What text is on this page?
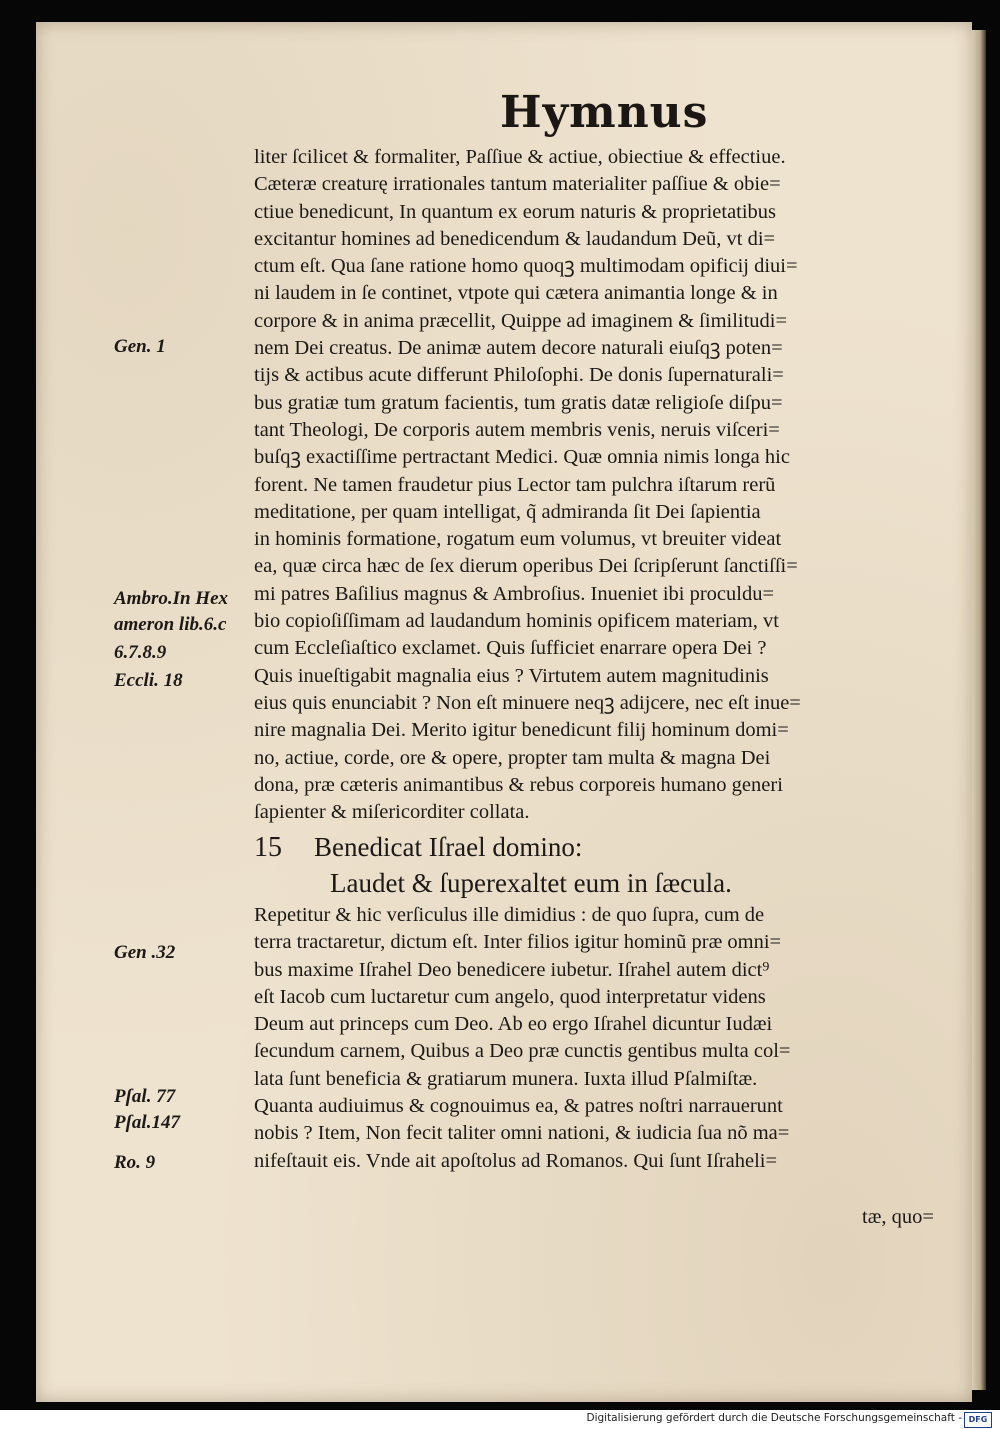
Hymnus
liter ſcilicet & formaliter, Paſſiue & actiue, obiectiue & effectiue.
Cæteræ creaturę irrationales tantum materialiter paſſiue & obie=
ctiue benedicunt, In quantum ex eorum naturis & proprietatibus
excitantur homines ad benedicendum & laudandum Deũ, vt di=
ctum eſt. Qua ſane ratione homo quoqꝫ multimodam opificij diui=
ni laudem in ſe continet, vtpote qui cætera animantia longe & in
corpore & in anima præcellit, Quippe ad imaginem & ſimilitudi=
nem Dei creatus. De animæ autem decore naturali eiuſqꝫ poten=
tijs & actibus acute differunt Philoſophi. De donis ſupernaturali=
bus gratiæ tum gratum facientis, tum gratis datæ religioſe diſpu=
tant Theologi, De corporis autem membris venis, neruis viſceri=
buſqꝫ exactiſſime pertractant Medici. Quæ omnia nimis longa hic
forent. Ne tamen fraudetur pius Lector tam pulchra iſtarum rerũ
meditatione, per quam intelligat, q̃ admiranda ſit Dei ſapientia
in hominis formatione, rogatum eum volumus, vt breuiter videat
ea, quæ circa hæc de ſex dierum operibus Dei ſcripſerunt ſanctiſſi=
mi patres Baſilius magnus & Ambroſius. Inueniet ibi proculdu=
bio copioſiſſimam ad laudandum hominis opificem materiam, vt
cum Eccleſiaſtico exclamet. Quis ſufficiet enarrare opera Dei ?
Quis inueſtigabit magnalia eius ? Virtutem autem magnitudinis
eius quis enunciabit ? Non eſt minuere neqꝫ adijcere, nec eſt inue=
nire magnalia Dei. Merito igitur benedicunt filij hominum domi=
no, actiue, corde, ore & opere, propter tam multa & magna Dei
dona, præ cæteris animantibus & rebus corporeis humano generi
ſapienter & miſericorditer collata.
15 Benedicat Iſrael domino:
Laudet & ſuperexaltet eum in ſæcula.
Repetitur & hic verſiculus ille dimidius : de quo ſupra, cum de
terra tractaretur, dictum eſt. Inter filios igitur hominũ præ omni=
bus maxime Iſrahel Deo benedicere iubetur. Iſrahel autem dict⁹
eſt Iacob cum luctaretur cum angelo, quod interpretatur videns
Deum aut princeps cum Deo. Ab eo ergo Iſrahel dicuntur Iudæi
ſecundum carnem, Quibus a Deo præ cunctis gentibus multa col=
lata ſunt beneficia & gratiarum munera. Iuxta illud Pſalmiſtæ.
Quanta audiuimus & cognouimus ea, & patres noſtri narrauerunt
nobis ? Item, Non fecit taliter omni nationi, & iudicia ſua nõ ma=
nifeſtauit eis. Vnde ait apoſtolus ad Romanos. Qui ſunt Iſraheli=
tæ, quo=
Gen. 1
Ambro.In Hex
ameron lib.6.c
6.7.8.9
Eccli. 18
Gen .32
Pſal. 77
Pſal.147
Ro. 9
Digitalisierung gefördert durch die Deutsche Forschungsgemeinschaft - DFG
